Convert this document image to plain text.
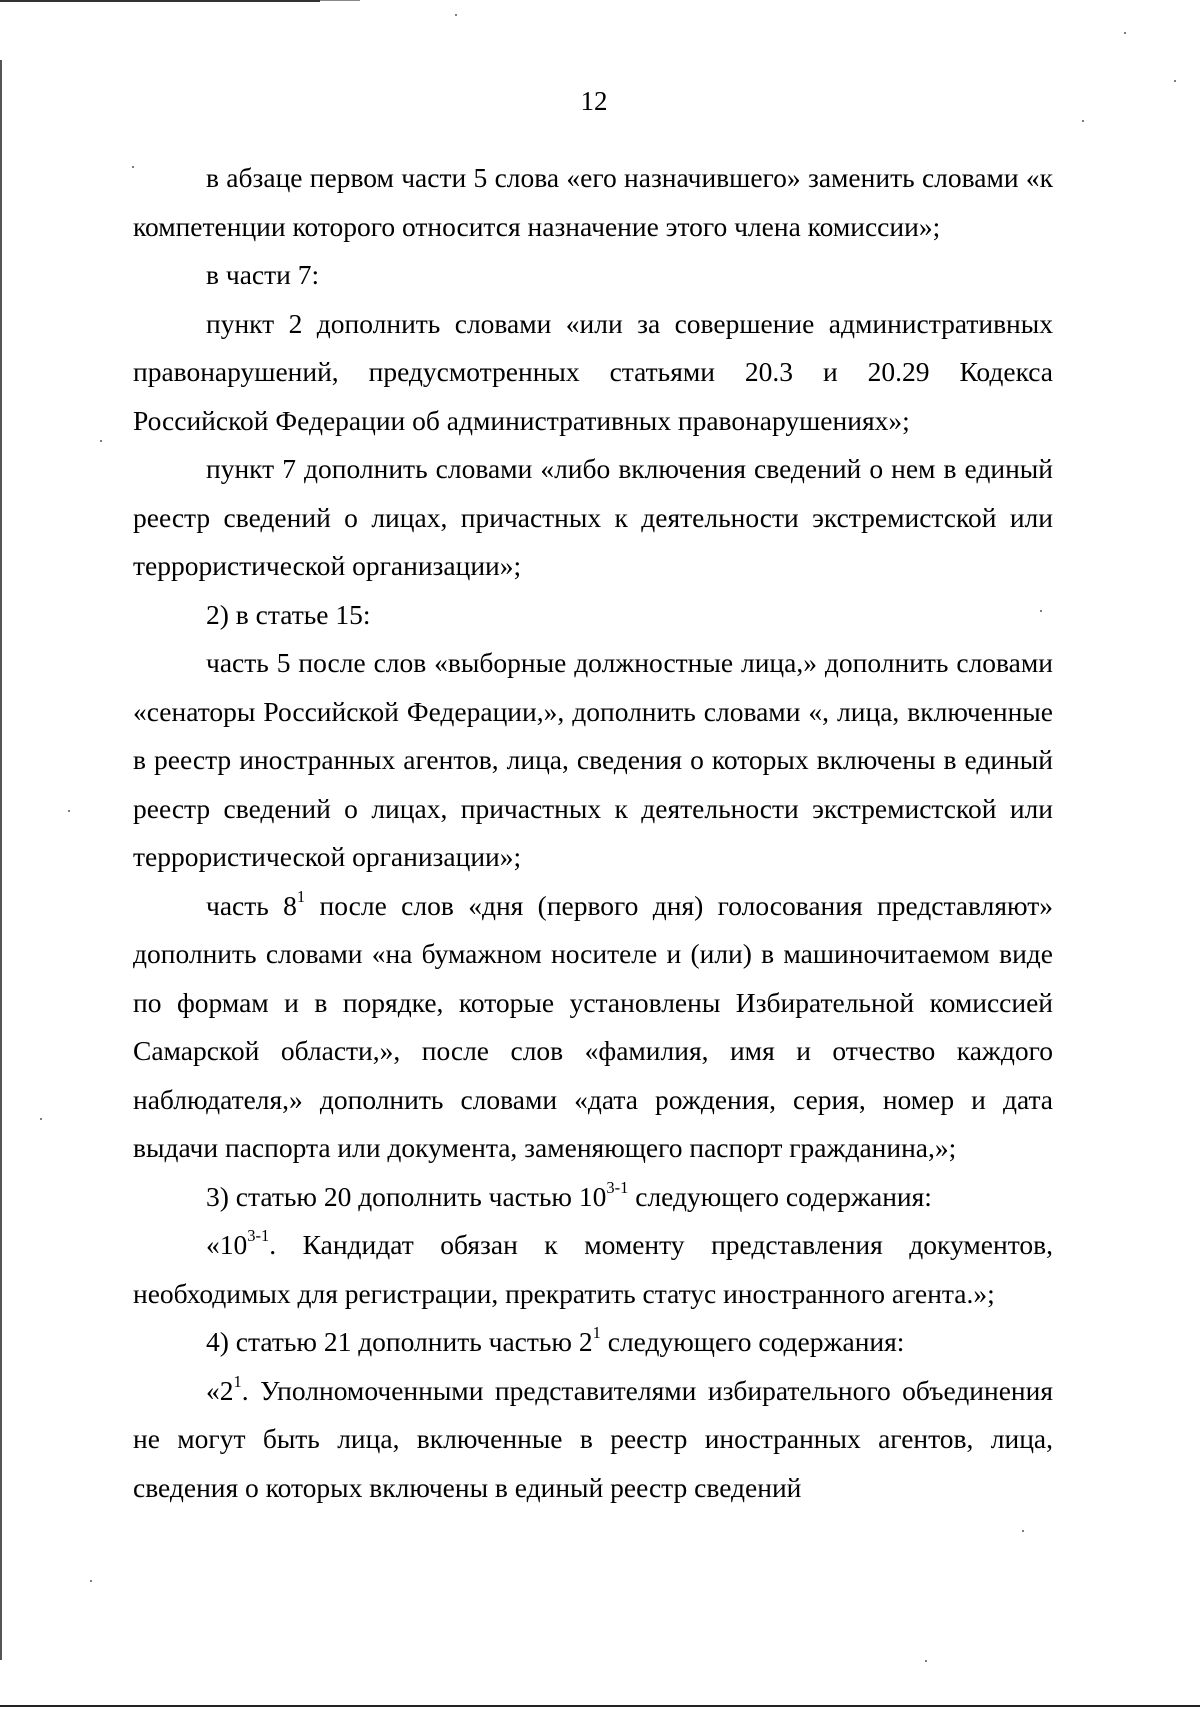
12

в абзаце первом части 5 слова «его назначившего» заменить словами «к компетенции которого относится назначение этого члена комиссии»;

в части 7:

пункт 2 дополнить словами «или за совершение административных правонарушений, предусмотренных статьями 20.3 и 20.29 Кодекса Российской Федерации об административных правонарушениях»;

пункт 7 дополнить словами «либо включения сведений о нем в единый реестр сведений о лицах, причастных к деятельности экстремистской или террористической организации»;

2) в статье 15:

часть 5 после слов «выборные должностные лица,» дополнить словами «сенаторы Российской Федерации,», дополнить словами «, лица, включенные в реестр иностранных агентов, лица, сведения о которых включены в единый реестр сведений о лицах, причастных к деятельности экстремистской или террористической организации»;

часть $8^1$ после слов «дня (первого дня) голосования представляют» дополнить словами «на бумажном носителе и (или) в машиночитаемом виде по формам и в порядке, которые установлены Избирательной комиссией Самарской области,», после слов «фамилия, имя и отчество каждого наблюдателя,» дополнить словами «дата рождения, серия, номер и дата выдачи паспорта или документа, заменяющего паспорт гражданина,»;

3) статью 20 дополнить частью 10$^{3-1}$ следующего содержания:

«10$^{3-1}$. Кандидат обязан к моменту представления документов, необходимых для регистрации, прекратить статус иностранного агента.»;

4) статью 21 дополнить частью $2^1$ следующего содержания:

«$2^1$. Уполномоченными представителями избирательного объединения не могут быть лица, включенные в реестр иностранных агентов, лица, сведения о которых включены в единый реестр сведений
